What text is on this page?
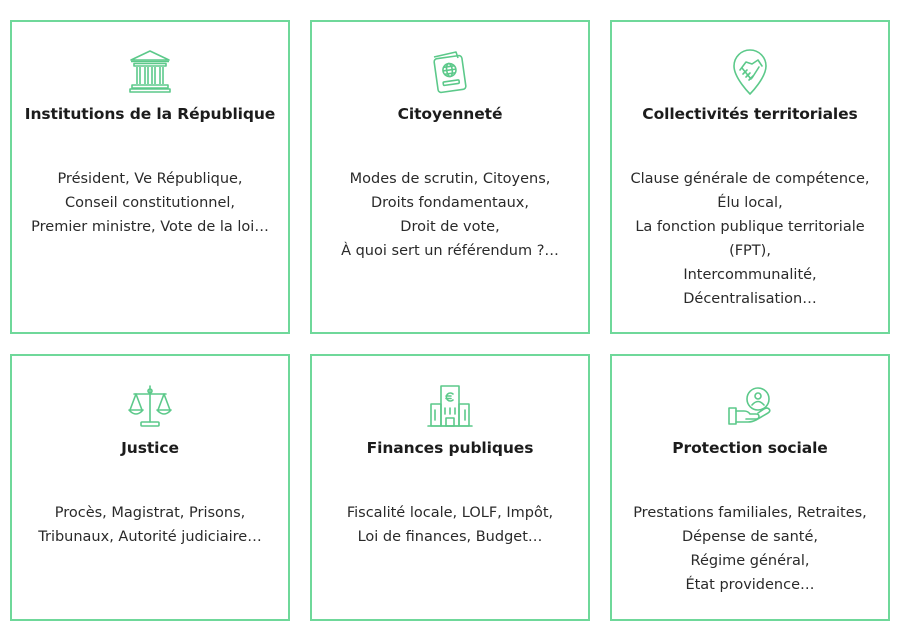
Institutions de la République
Président, Ve République,
Conseil constitutionnel,
Premier ministre, Vote de la loi…
Citoyenneté
Modes de scrutin, Citoyens,
Droits fondamentaux,
Droit de vote,
À quoi sert un référendum ?…
Collectivités territoriales
Clause générale de compétence,
Élu local,
La fonction publique territoriale
(FPT),
Intercommunalité,
Décentralisation…
Justice
Procès, Magistrat, Prisons,
Tribunaux, Autorité judiciaire…
Finances publiques
Fiscalité locale, LOLF, Impôt,
Loi de finances, Budget…
Protection sociale
Prestations familiales, Retraites,
Dépense de santé,
Régime général,
État providence…
